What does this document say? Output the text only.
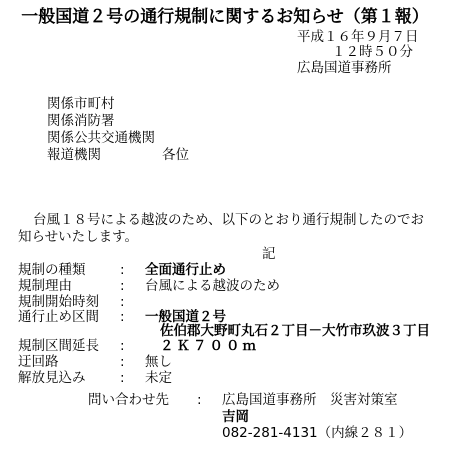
一般国道２号の通行規制に関するお知らせ（第１報）
平成１６年９月７日
１２時５０分
広島国道事務所
関係市町村
関係消防署
関係公共交通機関
報道機関	各位
台風１８号による越波のため、以下のとおり通行規制したのでお
知らせいたします。
記
規制の種類	: 全面通行止め
規制理由	: 台風による越波のため
規制開始時刻 :
通行止め区間 : 一般国道２号
佐伯郡大野町丸石２丁目－大竹市玖波３丁目
規制区間延長 :	２Ｋ７００ｍ
迂回路	: 無し
解放見込み	: 未定
問い合わせ先 : 広島国道事務所　災害対策室
吉岡
082-281-4131（内線２８１）
